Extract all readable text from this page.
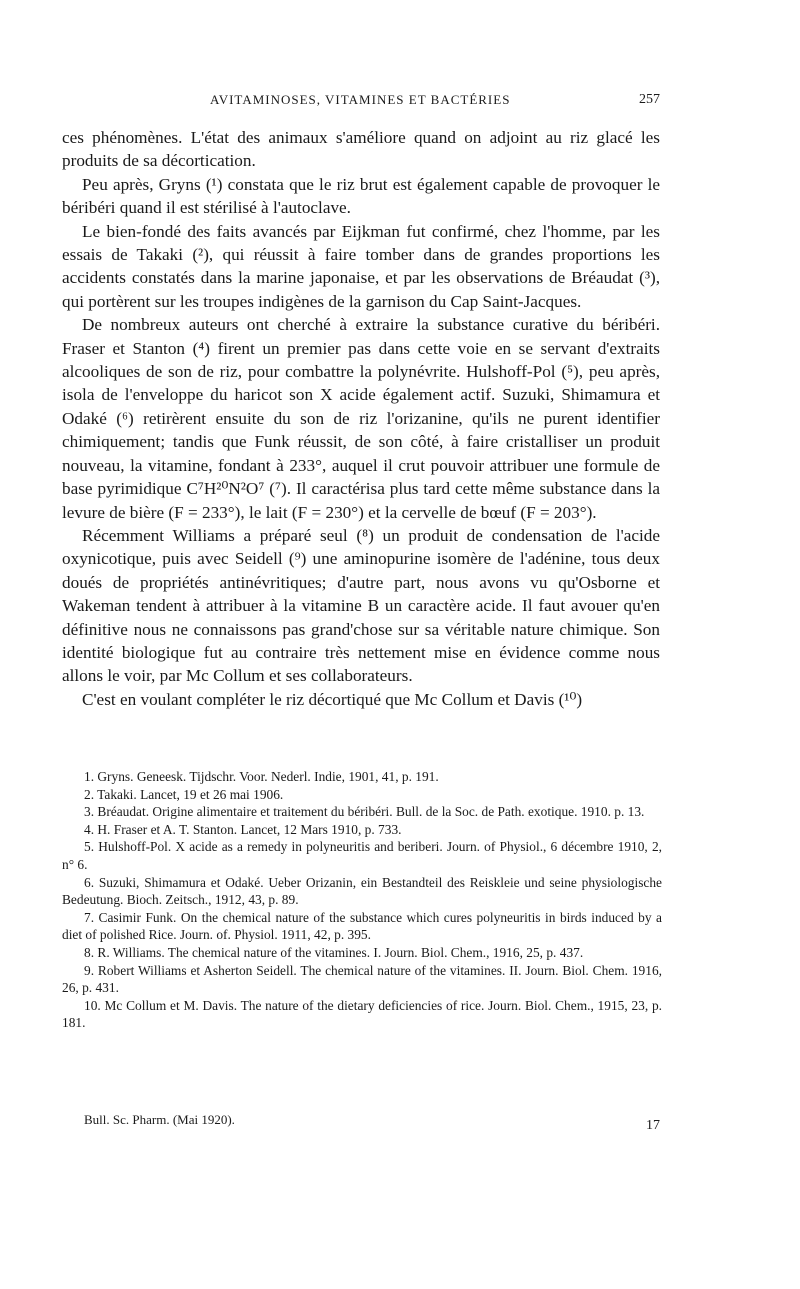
AVITAMINOSES, VITAMINES ET BACTÉRIES	257

ces phénomènes. L'état des animaux s'améliore quand on adjoint au riz glacé les produits de sa décortication.

Peu après, Gryns (¹) constata que le riz brut est également capable de provoquer le béribéri quand il est stérilisé à l'autoclave.

Le bien-fondé des faits avancés par Eijkman fut confirmé, chez l'homme, par les essais de Takaki (²), qui réussit à faire tomber dans de grandes proportions les accidents constatés dans la marine japonaise, et par les observations de Bréaudat (³), qui portèrent sur les troupes indigènes de la garnison du Cap Saint-Jacques.

De nombreux auteurs ont cherché à extraire la substance curative du béribéri. Fraser et Stanton (⁴) firent un premier pas dans cette voie en se servant d'extraits alcooliques de son de riz, pour combattre la polynévrite. Hulshoff-Pol (⁵), peu après, isola de l'enveloppe du haricot son X acide également actif. Suzuki, Shimamura et Odaké (⁶) retirèrent ensuite du son de riz l'orizanine, qu'ils ne purent identifier chimiquement; tandis que Funk réussit, de son côté, à faire cristalliser un produit nouveau, la vitamine, fondant à 233°, auquel il crut pouvoir attribuer une formule de base pyrimidique C⁷H²⁰N²O⁷ (⁷). Il caractérisa plus tard cette même substance dans la levure de bière (F = 233°), le lait (F = 230°) et la cervelle de bœuf (F = 203°).

Récemment Williams a préparé seul (⁸) un produit de condensation de l'acide oxynicotique, puis avec Seidell (⁹) une aminopurine isomère de l'adénine, tous deux doués de propriétés antinévritiques; d'autre part, nous avons vu qu'Osborne et Wakeman tendent à attribuer à la vitamine B un caractère acide. Il faut avouer qu'en définitive nous ne connaissons pas grand'chose sur sa véritable nature chimique. Son identité biologique fut au contraire très nettement mise en évidence comme nous allons le voir, par Mc Collum et ses collaborateurs.

C'est en voulant compléter le riz décortiqué que Mc Collum et Davis (¹⁰)

1. Gryns. Geneesk. Tijdschr. Voor. Nederl. Indie, 1901, 41, p. 191.

2. Takaki. Lancet, 19 et 26 mai 1906.

3. Bréaudat. Origine alimentaire et traitement du béribéri. Bull. de la Soc. de Path. exotique. 1910. p. 13.

4. H. Fraser et A. T. Stanton. Lancet, 12 Mars 1910, p. 733.

5. Hulshoff-Pol. X acide as a remedy in polyneuritis and beriberi. Journ. of Physiol., 6 décembre 1910, 2, n° 6.

6. Suzuki, Shimamura et Odaké. Ueber Orizanin, ein Bestandteil des Reiskleie und seine physiologische Bedeutung. Bioch. Zeitsch., 1912, 43, p. 89.

7. Casimir Funk. On the chemical nature of the substance which cures polyneuritis in birds induced by a diet of polished Rice. Journ. of. Physiol. 1911, 42, p. 395.

8. R. Williams. The chemical nature of the vitamines. I. Journ. Biol. Chem., 1916, 25, p. 437.

9. Robert Williams et Asherton Seidell. The chemical nature of the vitamines. II. Journ. Biol. Chem. 1916, 26, p. 431.

10. Mc Collum et M. Davis. The nature of the dietary deficiencies of rice. Journ. Biol. Chem., 1915, 23, p. 181.

Bull. Sc. Pharm. (Mai 1920).	17
